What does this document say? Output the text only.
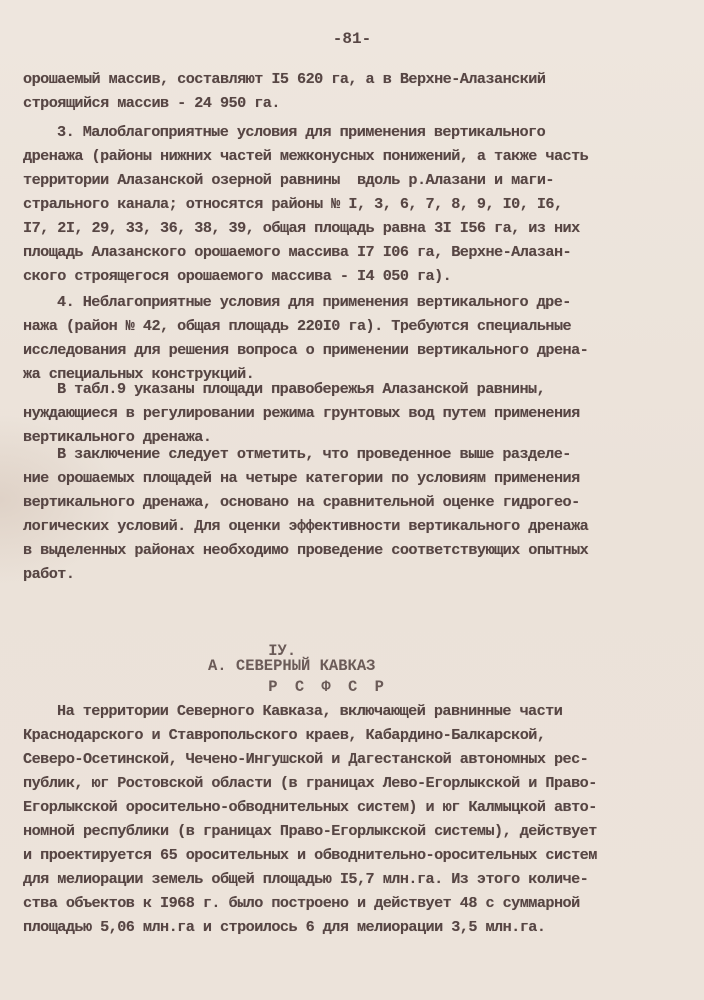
-81-
орошаемый массив, составляют I5 620 га, а в Верхне-Алазанский
строящийся массив - 24 950 га.
3. Малоблагоприятные условия для применения вертикального
дренажа (районы нижних частей межконусных понижений, а также часть
территории Алазанской озерной равнины  вдоль р.Алазани и маги-
стрального канала; относятся районы № I, 3, 6, 7, 8, 9, I0, I6,
I7, 2I, 29, 33, 36, 38, 39, общая площадь равна 3I I56 га, из них
площадь Алазанского орошаемого массива I7 I06 га, Верхне-Алазан-
ского строящегося орошаемого массива - I4 050 га).
4. Неблагоприятные условия для применения вертикального дре-
нажа (район № 42, общая площадь 220I0 га). Требуются специальные
исследования для решения вопроса о применении вертикального дрена-
жа специальных конструкций.
В табл.9 указаны площади правобережья Алазанской равнины,
нуждающиеся в регулировании режима грунтовых вод путем применения
вертикального дренажа.
В заключение следует отметить, что проведенное выше разделе-
ние орошаемых площадей на четыре категории по условиям применения
вертикального дренажа, основано на сравнительной оценке гидрогео-
логических условий. Для оценки эффективности вертикального дренажа
в выделенных районах необходимо проведение соответствующих опытных
работ.

IУ.

Р С Ф С Р

А. СЕВЕРНЫЙ КАВКАЗ
На территории Северного Кавказа, включающей равнинные части
Краснодарского и Ставропольского краев, Кабардино-Балкарской,
Северо-Осетинской, Чечено-Ингушской и Дагестанской автономных рес-
публик, юг Ростовской области (в границах Лево-Егорлыкской и Право-
Егорлыкской оросительно-обводнительных систем) и юг Калмыцкой авто-
номной республики (в границах Право-Егорлыкской системы), действует
и проектируется 65 оросительных и обводнительно-оросительных систем
для мелиорации земель общей площадью I5,7 млн.га. Из этого количе-
ства объектов к I968 г. было построено и действует 48 с суммарной
площадью 5,06 млн.га и строилось 6 для мелиорации 3,5 млн.га.
